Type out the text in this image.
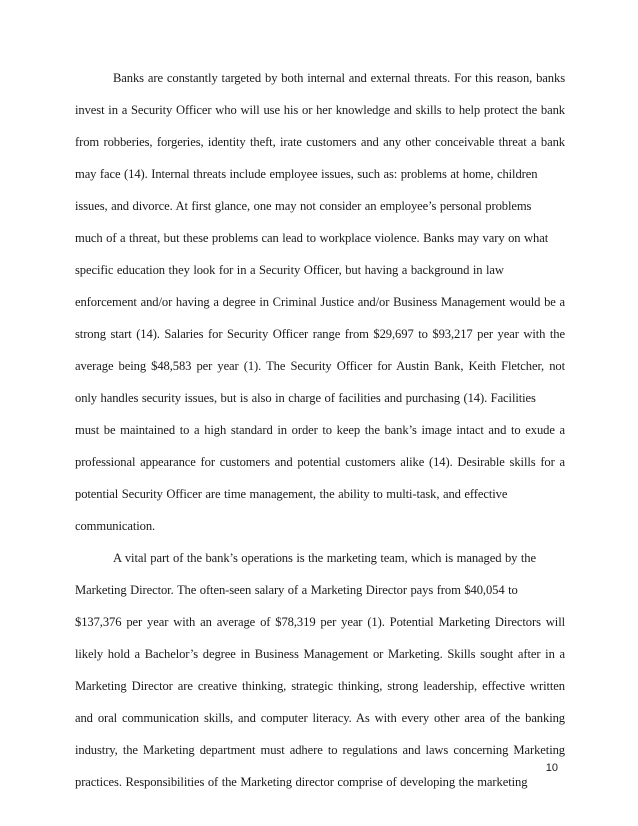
Banks are constantly targeted by both internal and external threats. For this reason, banks
invest in a Security Officer who will use his or her knowledge and skills to help protect the bank
from robberies, forgeries, identity theft, irate customers and any other conceivable threat a bank
may face (14). Internal threats include employee issues, such as: problems at home, children
issues, and divorce. At first glance, one may not consider an employee’s personal problems
much of a threat, but these problems can lead to workplace violence. Banks may vary on what
specific education they look for in a Security Officer, but having a background in law
enforcement and/or having a degree in Criminal Justice and/or Business Management would be a
strong start (14). Salaries for Security Officer range from $29,697 to $93,217 per year with the
average being $48,583 per year (1). The Security Officer for Austin Bank, Keith Fletcher, not
only handles security issues, but is also in charge of facilities and purchasing (14). Facilities
must be maintained to a high standard in order to keep the bank’s image intact and to exude a
professional appearance for customers and potential customers alike (14). Desirable skills for a
potential Security Officer are time management, the ability to multi-task, and effective
communication.
A vital part of the bank’s operations is the marketing team, which is managed by the
Marketing Director. The often-seen salary of a Marketing Director pays from $40,054 to
$137,376 per year with an average of $78,319 per year (1). Potential Marketing Directors will
likely hold a Bachelor’s degree in Business Management or Marketing. Skills sought after in a
Marketing Director are creative thinking, strategic thinking, strong leadership, effective written
and oral communication skills, and computer literacy. As with every other area of the banking
industry, the Marketing department must adhere to regulations and laws concerning Marketing
practices. Responsibilities of the Marketing director comprise of developing the marketing
10
